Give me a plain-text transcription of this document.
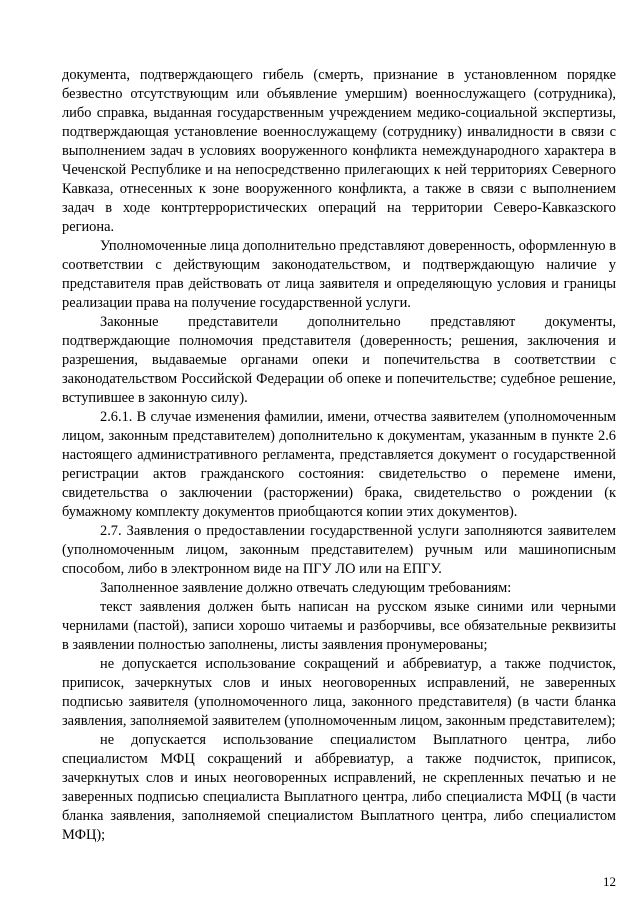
документа, подтверждающего гибель (смерть, признание в установленном порядке безвестно отсутствующим или объявление умершим) военнослужащего (сотрудника), либо справка, выданная государственным учреждением медико-социальной экспертизы, подтверждающая установление военнослужащему (сотруднику) инвалидности в связи с выполнением задач в условиях вооруженного конфликта немеждународного характера в Чеченской Республике и на непосредственно прилегающих к ней территориях Северного Кавказа, отнесенных к зоне вооруженного конфликта, а также в связи с выполнением задач в ходе контртеррористических операций на территории Северо-Кавказского региона.

Уполномоченные лица дополнительно представляют доверенность, оформленную в соответствии с действующим законодательством, и подтверждающую наличие у представителя прав действовать от лица заявителя и определяющую условия и границы реализации права на получение государственной услуги.

Законные представители дополнительно представляют документы, подтверждающие полномочия представителя (доверенность; решения, заключения и разрешения, выдаваемые органами опеки и попечительства в соответствии с законодательством Российской Федерации об опеке и попечительстве; судебное решение, вступившее в законную силу).

2.6.1. В случае изменения фамилии, имени, отчества заявителем (уполномоченным лицом, законным представителем) дополнительно к документам, указанным в пункте 2.6 настоящего административного регламента, представляется документ о государственной регистрации актов гражданского состояния: свидетельство о перемене имени, свидетельства о заключении (расторжении) брака, свидетельство о рождении (к бумажному комплекту документов приобщаются копии этих документов).

2.7. Заявления о предоставлении государственной услуги заполняются заявителем (уполномоченным лицом, законным представителем) ручным или машинописным способом, либо в электронном виде на ПГУ ЛО или на ЕПГУ.

Заполненное заявление должно отвечать следующим требованиям:

текст заявления должен быть написан на русском языке синими или черными чернилами (пастой), записи хорошо читаемы и разборчивы, все обязательные реквизиты в заявлении полностью заполнены, листы заявления пронумерованы;

не допускается использование сокращений и аббревиатур, а также подчисток, приписок, зачеркнутых слов и иных неоговоренных исправлений, не заверенных подписью заявителя (уполномоченного лица, законного представителя) (в части бланка заявления, заполняемой заявителем (уполномоченным лицом, законным представителем);

не допускается использование специалистом Выплатного центра, либо специалистом МФЦ сокращений и аббревиатур, а также подчисток, приписок, зачеркнутых слов и иных неоговоренных исправлений, не скрепленных печатью и не заверенных подписью специалиста Выплатного центра, либо специалиста МФЦ (в части бланка заявления, заполняемой специалистом Выплатного центра, либо специалистом МФЦ);

12
